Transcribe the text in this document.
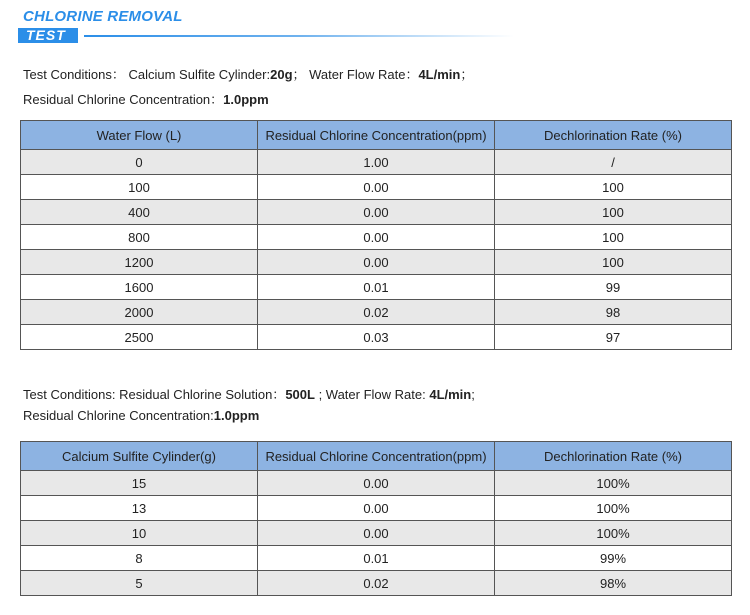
CHLORINE REMOVAL
TEST
Test Conditions： Calcium Sulfite Cylinder:20g； Water Flow Rate：4L/min；
Residual Chlorine Concentration：1.0ppm
Water Flow (L)	Residual Chlorine Concentration(ppm)	Dechlorination Rate (%)
0	1.00	/
100	0.00	100
400	0.00	100
800	0.00	100
1200	0.00	100
1600	0.01	99
2000	0.02	98
2500	0.03	97
Test Conditions: Residual Chlorine Solution：500L ; Water Flow Rate: 4L/min;
Residual Chlorine Concentration:1.0ppm
Calcium Sulfite Cylinder(g)	Residual Chlorine Concentration(ppm)	Dechlorination Rate (%)
15	0.00	100%
13	0.00	100%
10	0.00	100%
8	0.01	99%
5	0.02	98%
